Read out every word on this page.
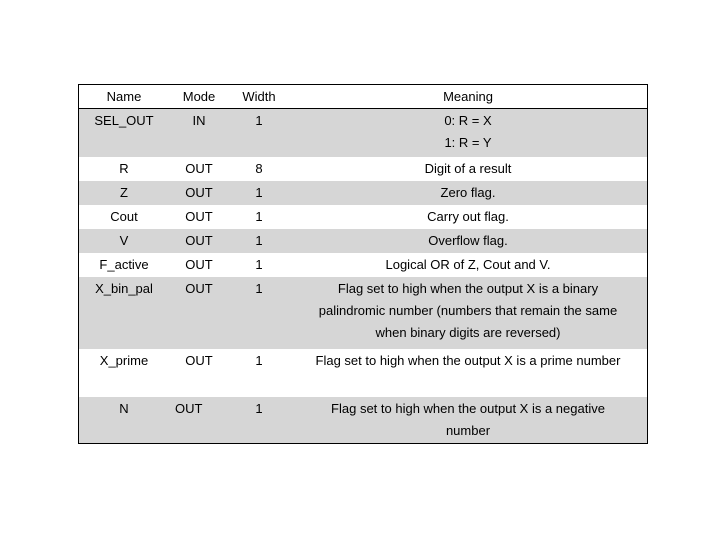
Name	Mode	Width	Meaning
SEL_OUT	IN	1	0: R = X
1: R = Y
R	OUT	8	Digit of a result
Z	OUT	1	Zero flag.
Cout	OUT	1	Carry out flag.
V	OUT	1	Overflow flag.
F_active	OUT	1	Logical OR of Z, Cout and V.
X_bin_pal	OUT	1	Flag set to high when the output X is a binary
palindromic number (numbers that remain the same
when binary digits are reversed)
X_prime	OUT	1	Flag set to high when the output X is a prime number
N	OUT	1	Flag set to high when the output X is a negative
number
